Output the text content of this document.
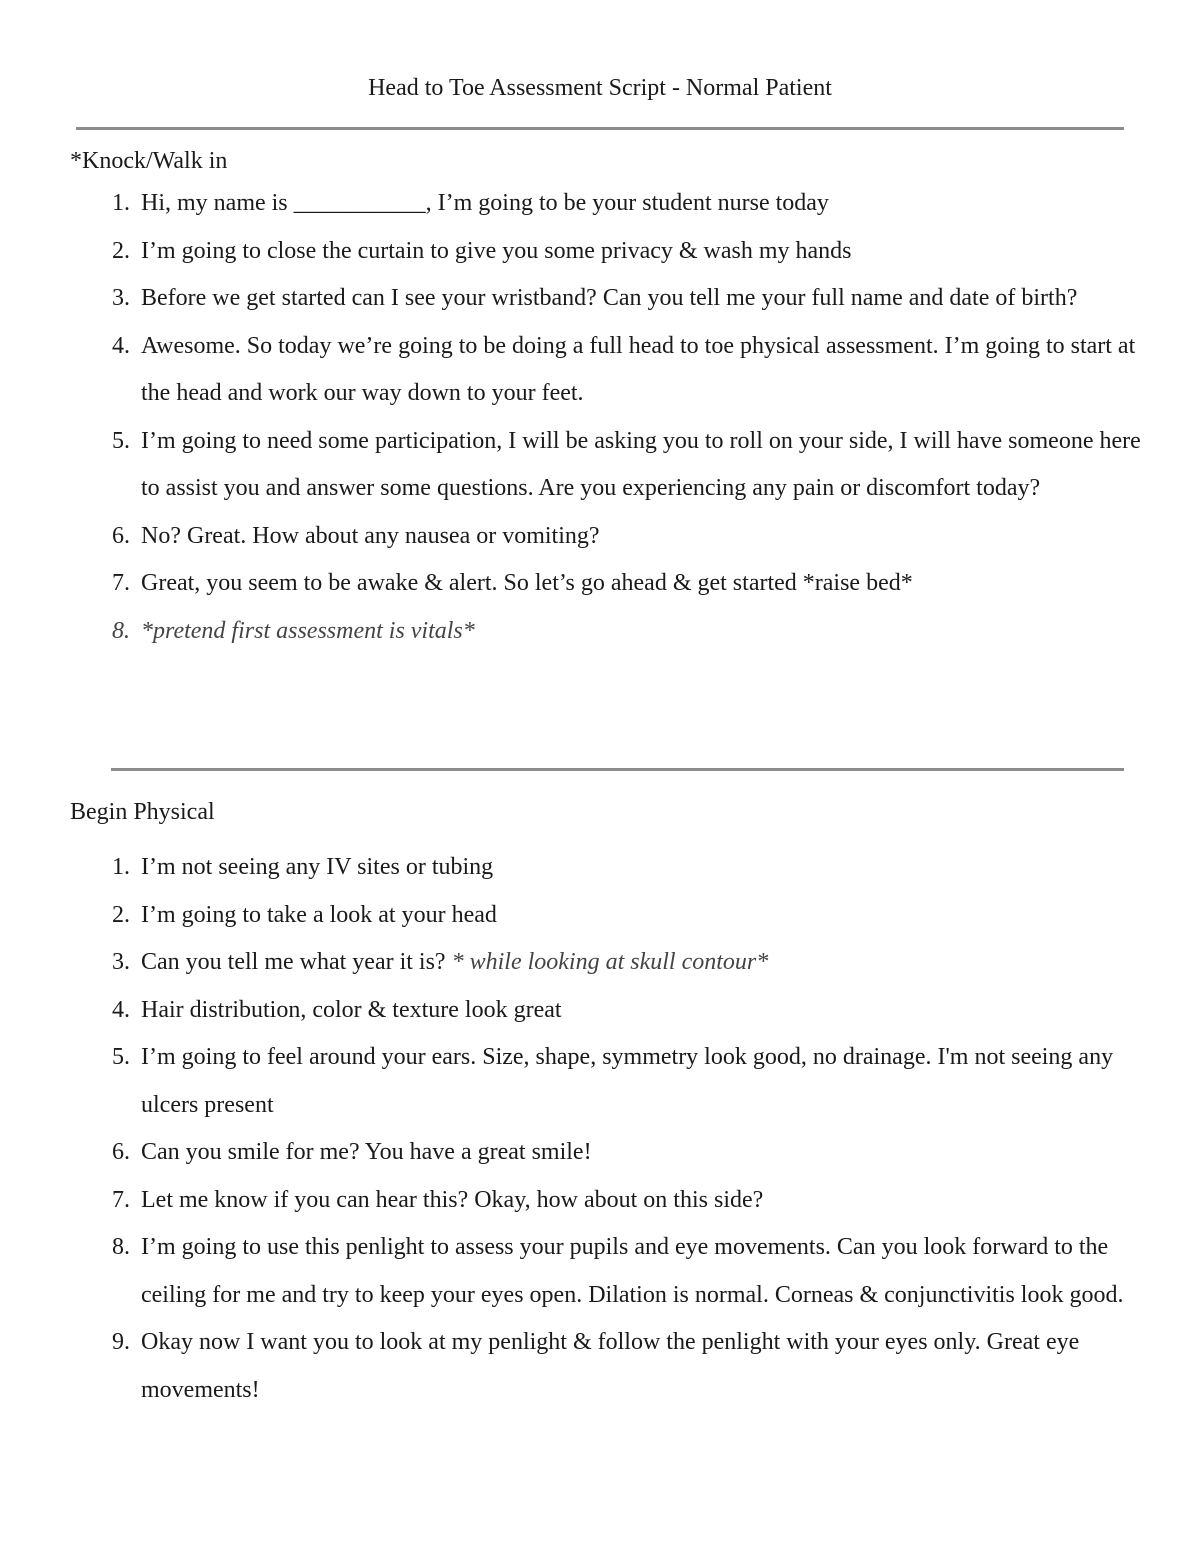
Head to Toe Assessment Script - Normal Patient
*Knock/Walk in
1. Hi, my name is ___________, I’m going to be your student nurse today
2. I’m going to close the curtain to give you some privacy & wash my hands
3. Before we get started can I see your wristband? Can you tell me your full name and date of birth?
4. Awesome. So today we’re going to be doing a full head to toe physical assessment. I’m going to start at the head and work our way down to your feet.
5. I’m going to need some participation, I will be asking you to roll on your side, I will have someone here to assist you and answer some questions. Are you experiencing any pain or discomfort today?
6. No? Great. How about any nausea or vomiting?
7. Great, you seem to be awake & alert. So let’s go ahead & get started *raise bed*
8. *pretend first assessment is vitals*
Begin Physical
1. I’m not seeing any IV sites or tubing
2. I’m going to take a look at your head
3. Can you tell me what year it is? * while looking at skull contour*
4. Hair distribution, color & texture look great
5. I’m going to feel around your ears. Size, shape, symmetry look good, no drainage. I'm not seeing any ulcers present
6. Can you smile for me? You have a great smile!
7. Let me know if you can hear this? Okay, how about on this side?
8. I’m going to use this penlight to assess your pupils and eye movements. Can you look forward to the ceiling for me and try to keep your eyes open. Dilation is normal. Corneas & conjunctivitis look good.
9. Okay now I want you to look at my penlight & follow the penlight with your eyes only. Great eye movements!
